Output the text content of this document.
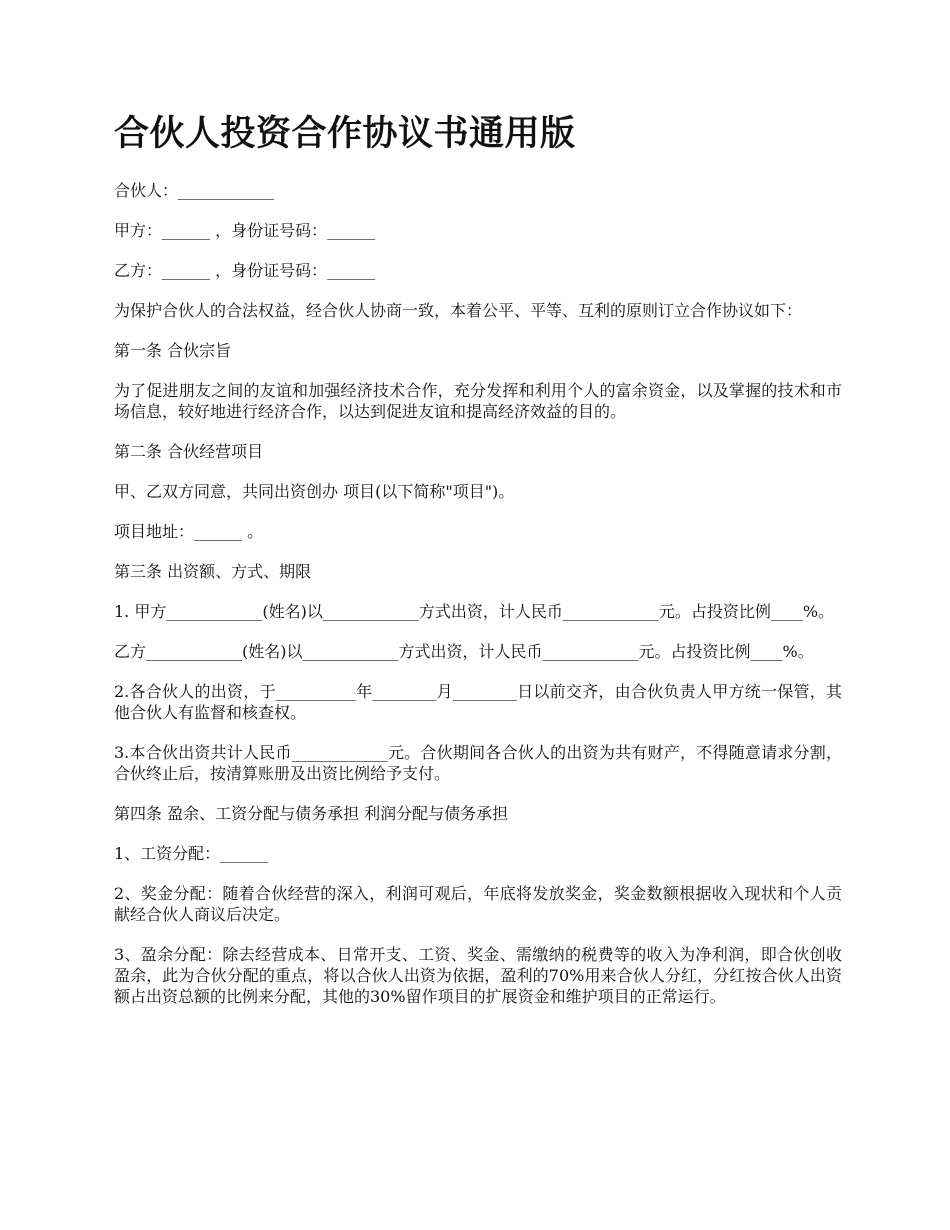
合伙人投资合作协议书通用版

合伙人：____________

甲方：______ ，身份证号码：______

乙方：______ ，身份证号码：______

为保护合伙人的合法权益，经合伙人协商一致，本着公平、平等、互利的原则订立合作协议如下：

第一条 合伙宗旨

为了促进朋友之间的友谊和加强经济技术合作，充分发挥和利用个人的富余资金，以及掌握的技术和市场信息，较好地进行经济合作，以达到促进友谊和提高经济效益的目的。

第二条 合伙经营项目

甲、乙双方同意，共同出资创办 项目(以下简称"项目")。

项目地址：______ 。

第三条 出资额、方式、期限

1. 甲方____________(姓名)以____________方式出资，计人民币____________元。占投资比例____%。

乙方____________(姓名)以____________方式出资，计人民币____________元。占投资比例____%。

2.各合伙人的出资，于__________年________月________日以前交齐，由合伙负责人甲方统一保管，其他合伙人有监督和核查权。

3.本合伙出资共计人民币____________元。合伙期间各合伙人的出资为共有财产，不得随意请求分割，合伙终止后，按清算账册及出资比例给予支付。

第四条 盈余、工资分配与债务承担 利润分配与债务承担

1、工资分配：______

2、奖金分配：随着合伙经营的深入，利润可观后，年底将发放奖金，奖金数额根据收入现状和个人贡献经合伙人商议后决定。

3、盈余分配：除去经营成本、日常开支、工资、奖金、需缴纳的税费等的收入为净利润，即合伙创收盈余，此为合伙分配的重点，将以合伙人出资为依据，盈利的70%用来合伙人分红，分红按合伙人出资额占出资总额的比例来分配，其他的30%留作项目的扩展资金和维护项目的正常运行。
